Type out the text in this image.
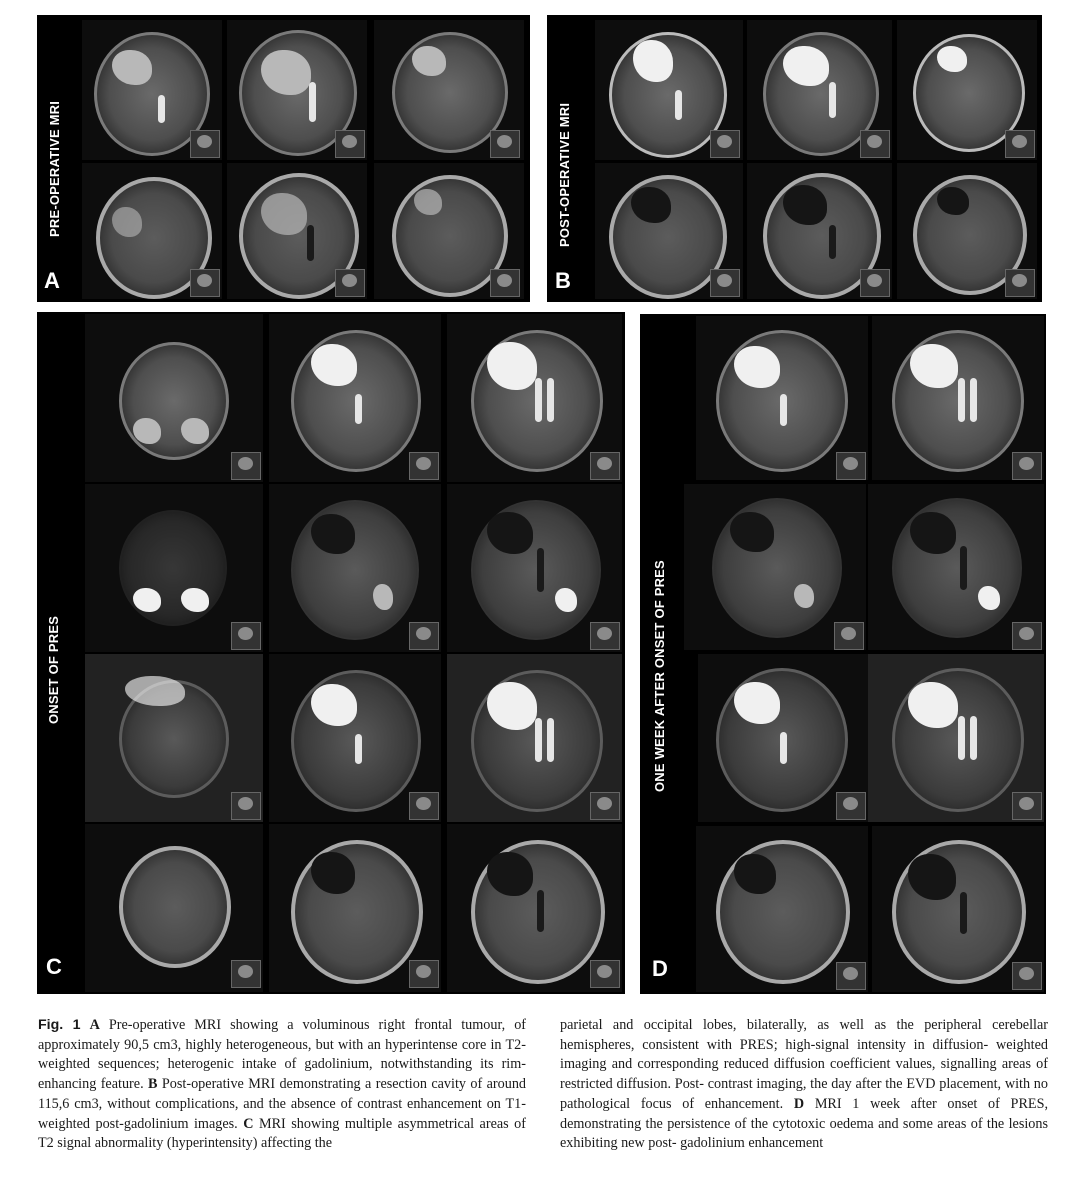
PRE-OPERATIVE MRI
A
POST-OPERATIVE MRI
B
ONSET OF PRES
C
ONE WEEK AFTER ONSET OF PRES
D
Fig. 1 A Pre-operative MRI showing a voluminous right frontal tumour, of approximately 90,5 cm3, highly heterogeneous, but with an hyperintense core in T2- weighted sequences; heterogenic intake of gadolinium, notwithstanding its rim-enhancing feature. B Post-operative MRI demonstrating a resection cavity of around 115,6 cm3, without complications, and the absence of contrast enhancement on T1-weighted post-gadolinium images. C MRI showing multiple asymmetrical areas of T2 signal abnormality (hyperintensity) affecting the
parietal and occipital lobes, bilaterally, as well as the peripheral cerebellar hemispheres, consistent with PRES; high-signal intensity in diffusion- weighted imaging and corresponding reduced diffusion coefficient values, signalling areas of restricted diffusion. Post- contrast imaging, the day after the EVD placement, with no pathological focus of enhancement. D MRI 1 week after onset of PRES, demonstrating the persistence of the cytotoxic oedema and some areas of the lesions exhibiting new post- gadolinium enhancement
